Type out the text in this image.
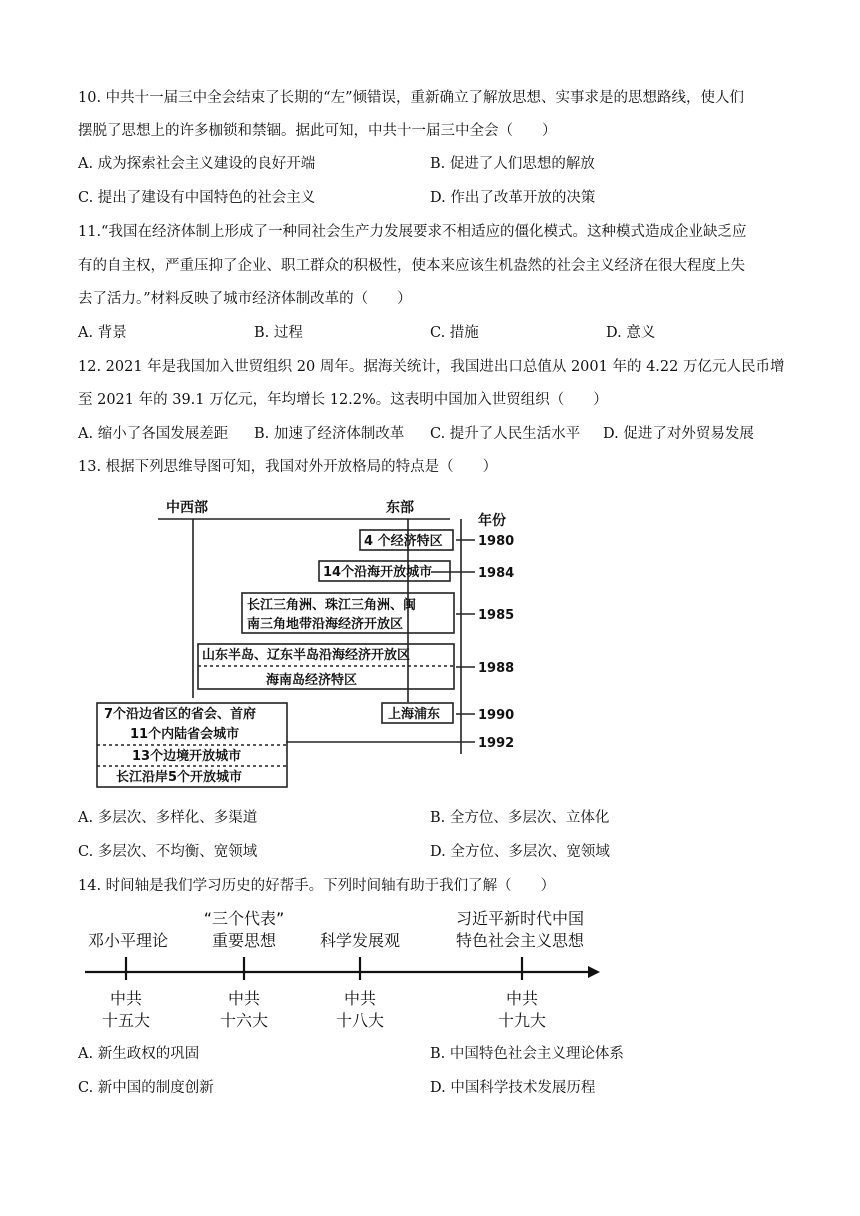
10. 中共十一届三中全会结束了长期的“左”倾错误，重新确立了解放思想、实事求是的思想路线，使人们
摆脱了思想上的许多枷锁和禁锢。据此可知，中共十一届三中全会（　　）
A. 成为探索社会主义建设的良好开端	B. 促进了人们思想的解放
C. 提出了建设有中国特色的社会主义	D. 作出了改革开放的决策
11.“我国在经济体制上形成了一种同社会生产力发展要求不相适应的僵化模式。这种模式造成企业缺乏应
有的自主权，严重压抑了企业、职工群众的积极性，使本来应该生机盎然的社会主义经济在很大程度上失
去了活力。”材料反映了城市经济体制改革的（　　）
A. 背景	B. 过程	C. 措施	D. 意义
12. 2021 年是我国加入世贸组织 20 周年。据海关统计，我国进出口总值从 2001 年的 4.22 万亿元人民币增
至 2021 年的 39.1 万亿元，年均增长 12.2%。这表明中国加入世贸组织（　　）
A. 缩小了各国发展差距 B. 加速了经济体制改革 C. 提升了人民生活水平 D. 促进了对外贸易发展
13. 根据下列思维导图可知，我国对外开放格局的特点是（　　）
中西部	东部
年份
4 个经济特区
14个沿海开放城市
长江三角洲、珠江三角洲、闽
南三角地带沿海经济开放区
山东半岛、辽东半岛沿海经济开放区
海南岛经济特区
上海浦东
7个沿边省区的省会、首府
11个内陆省会城市
13个边境开放城市
长江沿岸5个开放城市
1980
1984
1985
1988
1990
1992
A. 多层次、多样化、多渠道	B. 全方位、多层次、立体化
C. 多层次、不均衡、宽领域	D. 全方位、多层次、宽领域
14. 时间轴是我们学习历史的好帮手。下列时间轴有助于我们了解（　　）
邓小平理论
“三个代表”
重要思想	科学发展观
习近平新时代中国
特色社会主义思想
中共
十五大
中共
十六大
中共
十八大
中共
十九大
A. 新生政权的巩固	B. 中国特色社会主义理论体系
C. 新中国的制度创新	D. 中国科学技术发展历程
